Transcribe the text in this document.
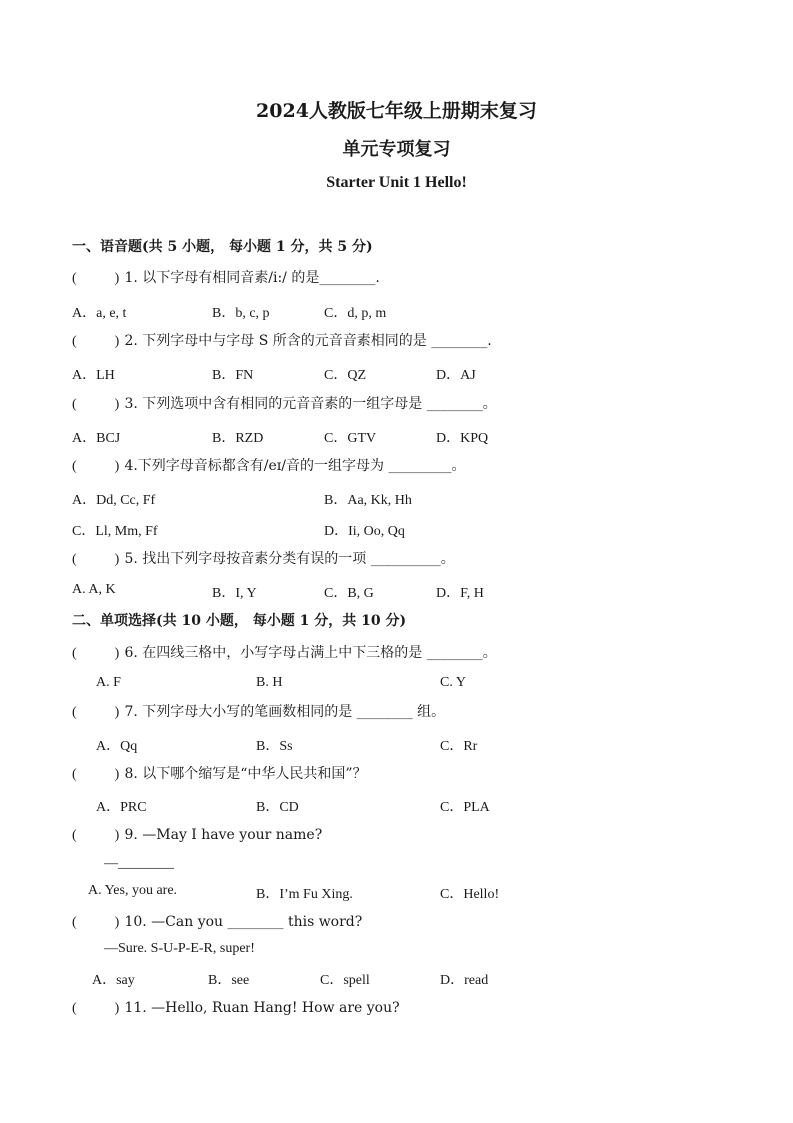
2024人教版七年级上册期末复习
单元专项复习
Starter Unit 1 Hello!
一、语音题(共 5 小题， 每小题 1 分，共 5 分)
(	) 1. 以下字母有相同音素/i:/ 的是________.
A．a, e, t	B．b, c, p	C．d, p, m
(	) 2. 下列字母中与字母 S 所含的元音音素相同的是 ________.
A．LH	B．FN	C．QZ	D．AJ
(	) 3. 下列选项中含有相同的元音音素的一组字母是 ________。
A．BCJ	B．RZD	C．GTV	D．KPQ
(	) 4.下列字母音标都含有/eɪ/音的一组字母为 _________。
A．Dd, Cc, Ff	B．Aa, Kk, Hh
C．Ll, Mm, Ff	D．Ii, Oo, Qq
(	) 5. 找出下列字母按音素分类有误的一项 __________。
A. A, K	B．I, Y	C．B, G	D．F, H
二、单项选择(共 10 小题， 每小题 1 分，共 10 分)
(	) 6. 在四线三格中，小写字母占满上中下三格的是 ________。
A. F	B. H	C. Y
(	) 7. 下列字母大小写的笔画数相同的是 ________ 组。
A．Qq	B．Ss	C．Rr
(	) 8. 以下哪个缩写是“中华人民共和国”？
A．PRC	B．CD	C．PLA
(	) 9. —May I have your name?
—________
A. Yes, you are.	B．I’m Fu Xing.	C．Hello!
(	) 10. —Can you ________ this word?
—Sure. S-U-P-E-R, super!
A．say	B．see	C．spell	D．read
(	) 11. —Hello, Ruan Hang! How are you?
